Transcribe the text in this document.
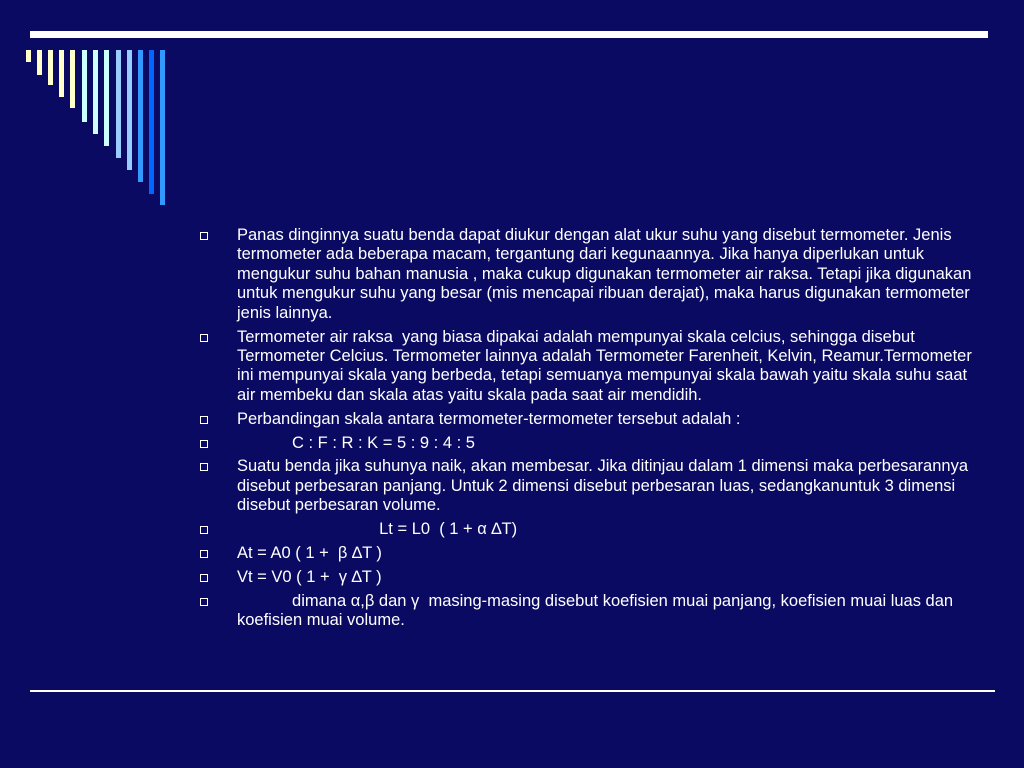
Panas dinginnya suatu benda dapat diukur dengan alat ukur suhu yang disebut termometer. Jenis termometer ada beberapa macam, tergantung dari kegunaannya. Jika hanya diperlukan untuk mengukur suhu bahan manusia , maka cukup digunakan termometer air raksa. Tetapi jika digunakan untuk mengukur suhu yang besar (mis mencapai ribuan derajat), maka harus digunakan termometer jenis lainnya.
Termometer air raksa  yang biasa dipakai adalah mempunyai skala celcius, sehingga disebut Termometer Celcius. Termometer lainnya adalah Termometer Farenheit, Kelvin, Reamur.Termometer ini mempunyai skala yang berbeda, tetapi semuanya mempunyai skala bawah yaitu skala suhu saat air membeku dan skala atas yaitu skala pada saat air mendidih.
Perbandingan skala antara termometer-termometer tersebut adalah :
C : F : R : K = 5 : 9 : 4 : 5
Suatu benda jika suhunya naik, akan membesar. Jika ditinjau dalam 1 dimensi maka perbesarannya disebut perbesaran panjang. Untuk 2 dimensi disebut perbesaran luas, sedangkanuntuk 3 dimensi disebut perbesaran volume.
Lt = L0  ( 1 + α ∆T)
At = A0 ( 1 +  β ∆T )
Vt = V0 ( 1 +  γ ∆T )
dimana α,β dan γ  masing-masing disebut koefisien muai panjang, koefisien muai luas dan koefisien muai volume.
